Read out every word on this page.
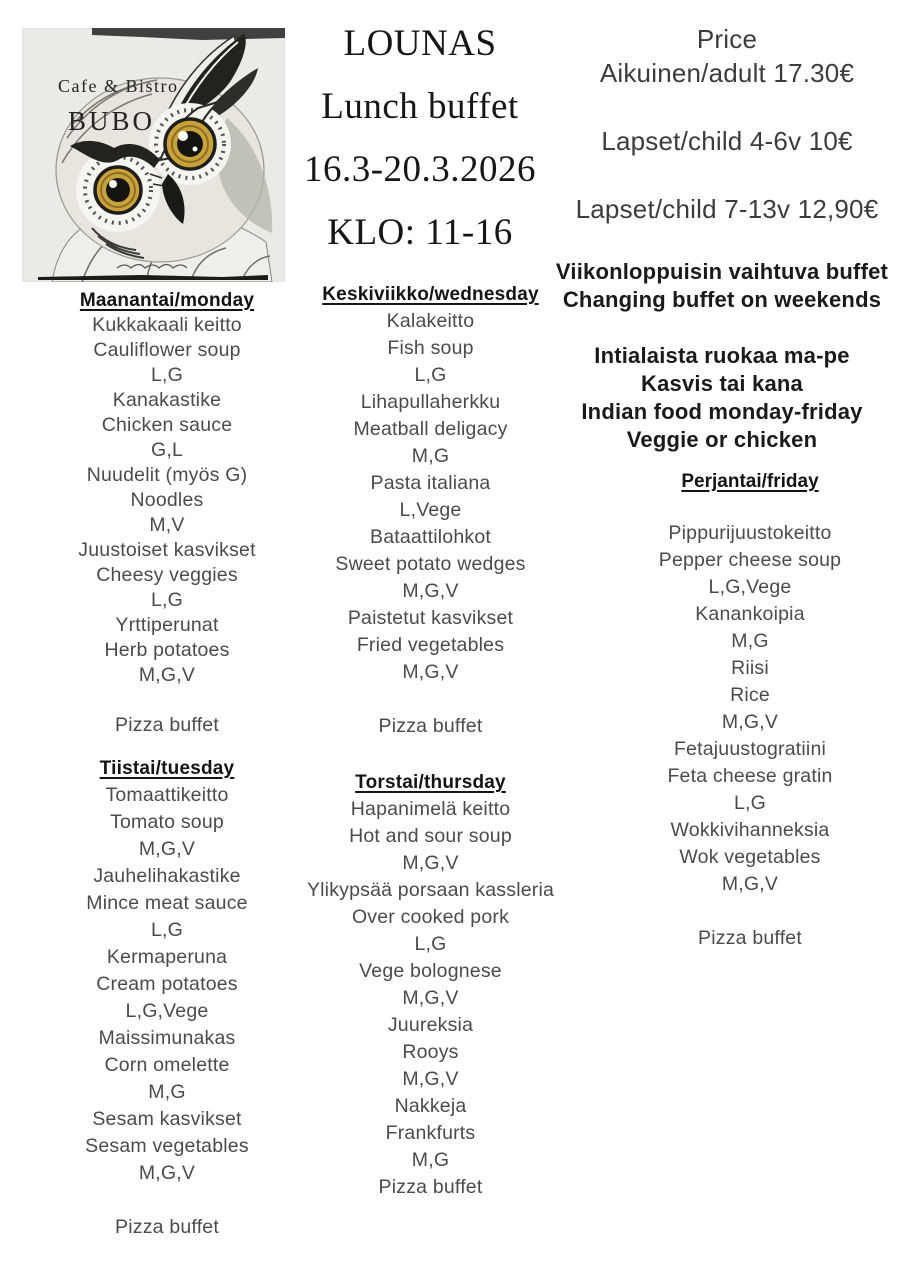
Cafe & Bistro
BUBO
LOUNAS
Lunch buffet
16.3-20.3.2026
KLO: 11-16
Price
Aikuinen/adult 17.30€
Lapset/child 4-6v 10€
Lapset/child 7-13v 12,90€
Maanantai/monday
Kukkakaali keitto
Cauliflower soup
L,G
Kanakastike
Chicken sauce
G,L
Nuudelit (myös G)
Noodles
M,V
Juustoiset kasvikset
Cheesy veggies
L,G
Yrttiperunat
Herb potatoes
M,G,V

Pizza buffet
Tiistai/tuesday
Tomaattikeitto
Tomato soup
M,G,V
Jauhelihakastike
Mince meat sauce
L,G
Kermaperuna
Cream potatoes
L,G,Vege
Maissimunakas
Corn omelette
M,G
Sesam kasvikset
Sesam vegetables
M,G,V

Pizza buffet
Keskiviikko/wednesday
Kalakeitto
Fish soup
L,G
Lihapullaherkku
Meatball deligacy
M,G
Pasta italiana
L,Vege
Bataattilohkot
Sweet potato wedges
M,G,V
Paistetut kasvikset
Fried vegetables
M,G,V

Pizza buffet
Torstai/thursday
Hapanimelä keitto
Hot and sour soup
M,G,V
Ylikypsää porsaan kassleria
Over cooked pork
L,G
Vege bolognese
M,G,V
Juureksia
Rooys
M,G,V
Nakkeja
Frankfurts
M,G
Pizza buffet
Viikonloppuisin vaihtuva buffet
Changing buffet on weekends
Intialaista ruokaa ma-pe
Kasvis tai kana
Indian food monday-friday
Veggie or chicken
Perjantai/friday
Pippurijuustokeitto
Pepper cheese soup
L,G,Vege
Kanankoipia
M,G
Riisi
Rice
M,G,V
Fetajuustogratiini
Feta cheese gratin
L,G
Wokkivihanneksia
Wok vegetables
M,G,V

Pizza buffet
